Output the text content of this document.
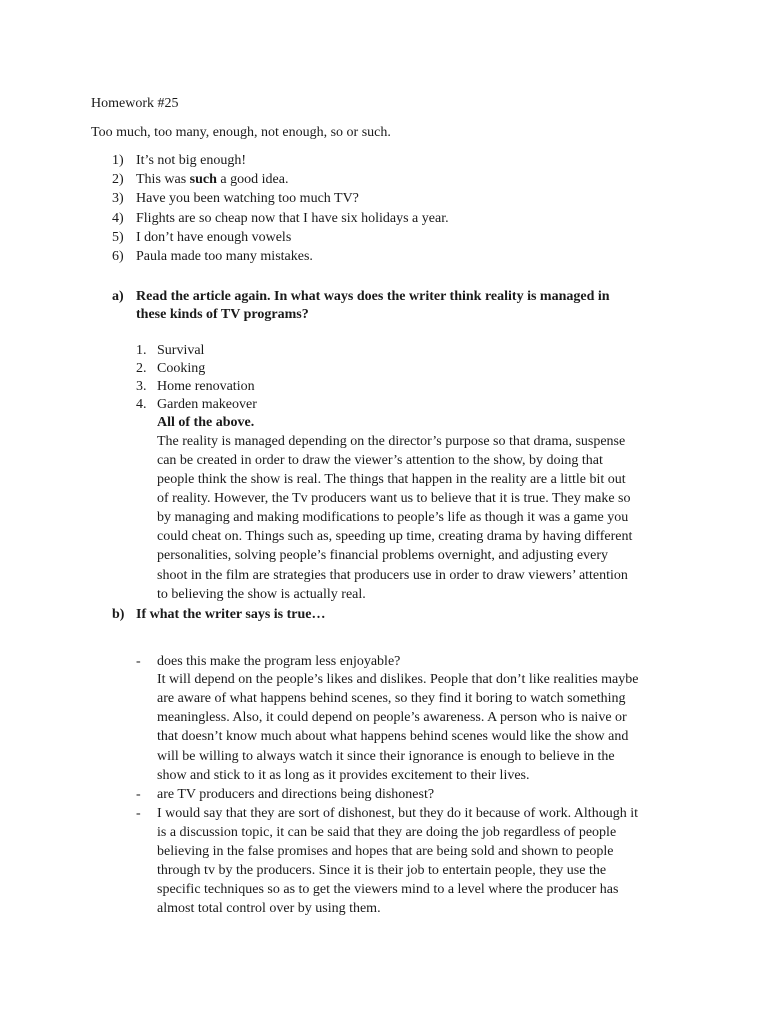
Homework #25
Too much, too many, enough, not enough, so or such.
1) It’s not big enough!
2) This was such a good idea.
3) Have you been watching too much TV?
4) Flights are so cheap now that I have six holidays a year.
5) I don’t have enough vowels
6) Paula made too many mistakes.
a) Read the article again. In what ways does the writer think reality is managed in
these kinds of TV programs?
1. Survival
2. Cooking
3. Home renovation
4. Garden makeover
All of the above.
The reality is managed depending on the director’s purpose so that drama, suspense
can be created in order to draw the viewer’s attention to the show, by doing that
people think the show is real. The things that happen in the reality are a little bit out
of reality. However, the Tv producers want us to believe that it is true. They make so
by managing and making modifications to people’s life as though it was a game you
could cheat on. Things such as, speeding up time, creating drama by having different
personalities, solving people’s financial problems overnight, and adjusting every
shoot in the film are strategies that producers use in order to draw viewers’ attention
to believing the show is actually real.
b) If what the writer says is true…
- does this make the program less enjoyable?
It will depend on the people’s likes and dislikes. People that don’t like realities maybe
are aware of what happens behind scenes, so they find it boring to watch something
meaningless. Also, it could depend on people’s awareness. A person who is naive or
that doesn’t know much about what happens behind scenes would like the show and
will be willing to always watch it since their ignorance is enough to believe in the
show and stick to it as long as it provides excitement to their lives.
- are TV producers and directions being dishonest?
- I would say that they are sort of dishonest, but they do it because of work. Although it
is a discussion topic, it can be said that they are doing the job regardless of people
believing in the false promises and hopes that are being sold and shown to people
through tv by the producers. Since it is their job to entertain people, they use the
specific techniques so as to get the viewers mind to a level where the producer has
almost total control over by using them.
